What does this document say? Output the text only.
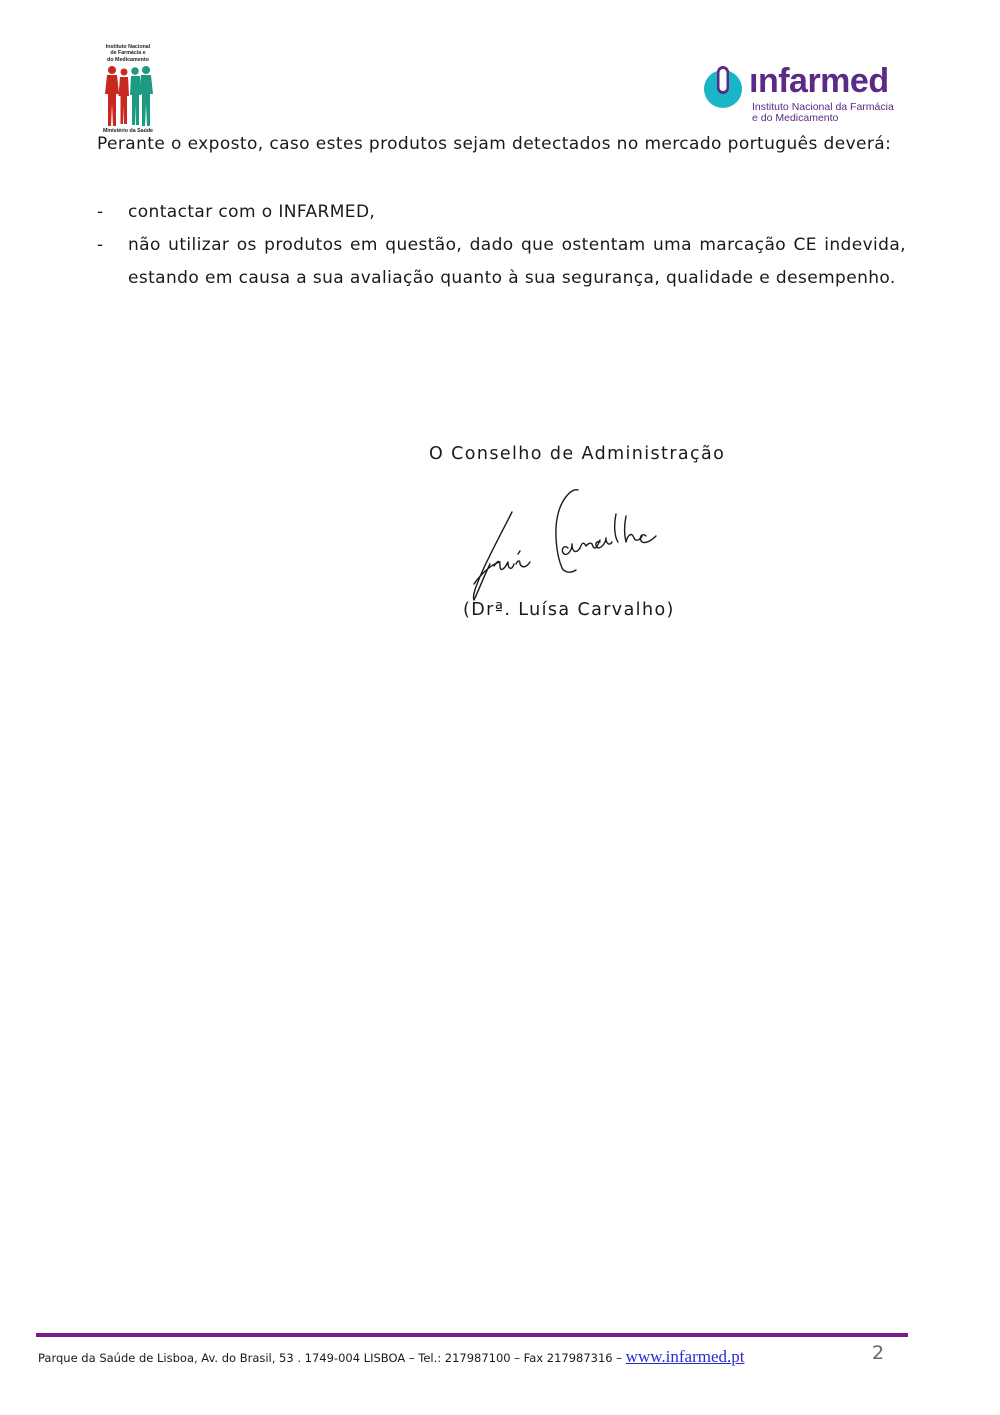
Instituto Nacional
de Farmácia e
do Medicamento
Ministério da Saúde
ınfarmed
Instituto Nacional da Farmácia
e do Medicamento

Perante o exposto, caso estes produtos sejam detectados no mercado português deverá:

- contactar com o INFARMED,
- não utilizar os produtos em questão, dado que ostentam uma marcação CE indevida, estando em causa a sua avaliação quanto à sua segurança, qualidade e desempenho.
O Conselho de Administração
(Drª. Luísa Carvalho)
Parque da Saúde de Lisboa, Av. do Brasil, 53 . 1749-004 LISBOA – Tel.: 217987100 – Fax 217987316 – www.infarmed.pt	2
